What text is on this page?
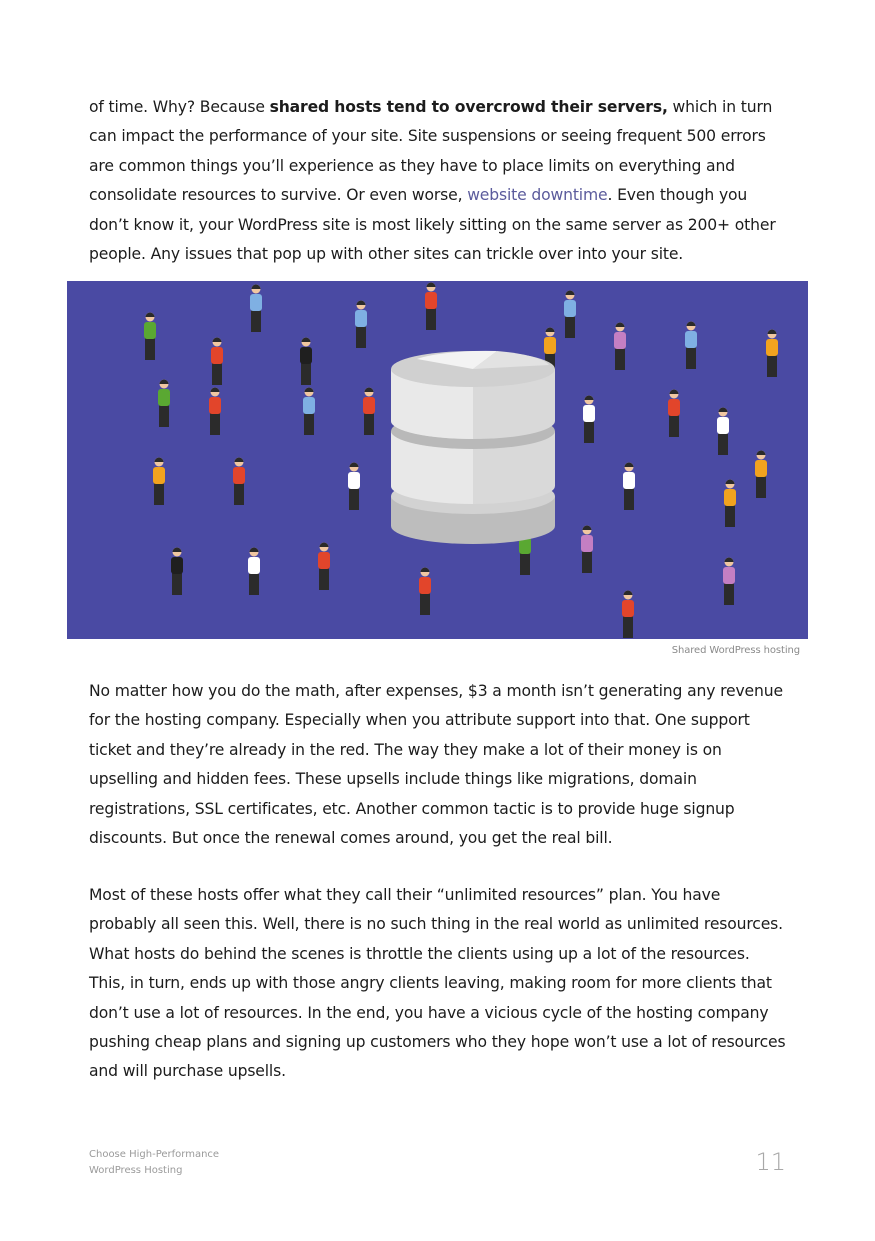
of time. Why? Because shared hosts tend to overcrowd their servers, which in turn can impact the performance of your site. Site suspensions or seeing frequent 500 errors are common things you’ll experience as they have to place limits on everything and consolidate resources to survive. Or even worse, website downtime. Even though you don’t know it, your WordPress site is most likely sitting on the same server as 200+ other people. Any issues that pop up with other sites can trickle over into your site.

Shared WordPress hosting

No matter how you do the math, after expenses, $3 a month isn’t generating any revenue for the hosting company. Especially when you attribute support into that. One support ticket and they’re already in the red. The way they make a lot of their money is on upselling and hidden fees. These upsells include things like migrations, domain registrations, SSL certificates, etc. Another common tactic is to provide huge signup discounts. But once the renewal comes around, you get the real bill.

Most of these hosts offer what they call their “unlimited resources” plan. You have probably all seen this. Well, there is no such thing in the real world as unlimited resources. What hosts do behind the scenes is throttle the clients using up a lot of the resources. This, in turn, ends up with those angry clients leaving, making room for more clients that don’t use a lot of resources. In the end, you have a vicious cycle of the hosting company pushing cheap plans and signing up customers who they hope won’t use a lot of resources and will purchase upsells.

Choose High-Performance
WordPress Hosting	11
